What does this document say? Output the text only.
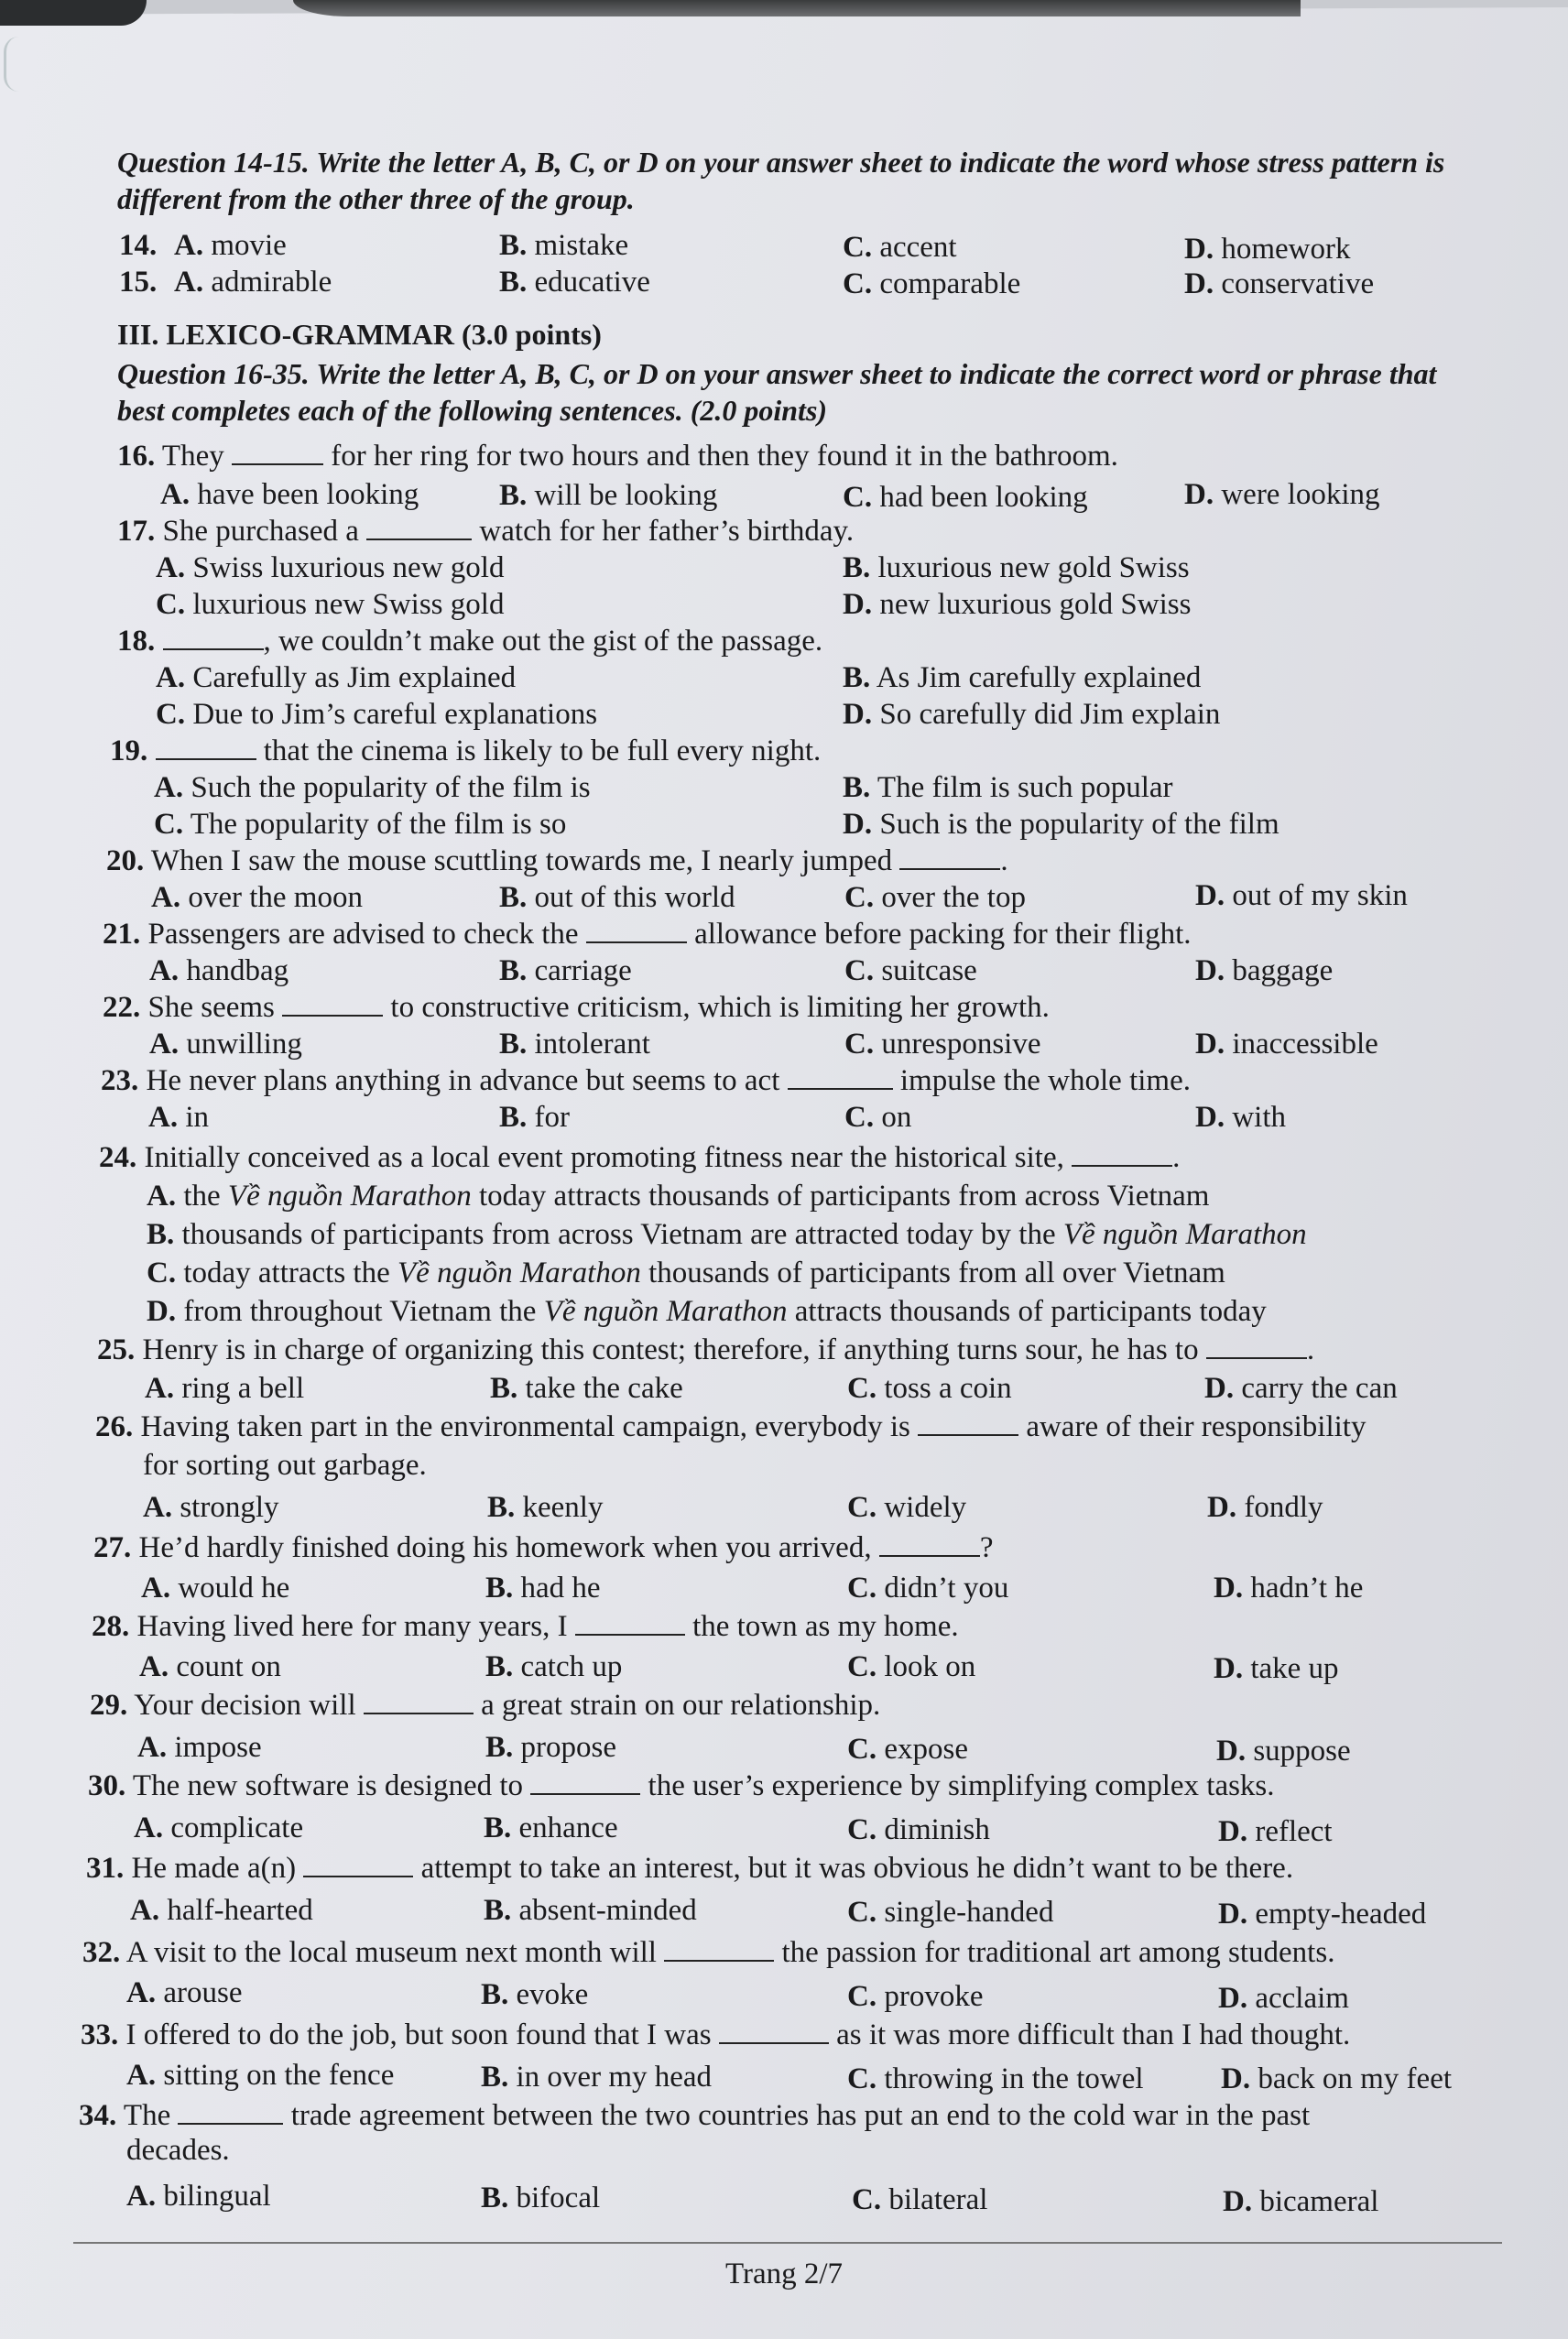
Question 14-15. Write the letter A, B, C, or D on your answer sheet to indicate the word whose stress pattern is different from the other three of the group.
III. LEXICO-GRAMMAR (3.0 points)
Question 16-35. Write the letter A, B, C, or D on your answer sheet to indicate the correct word or phrase that best completes each of the following sentences. (2.0 points)
14. A. movie	B. mistake	C. accent	D. homework
15. A. admirable	B. educative	C. comparable	D. conservative
16. They	for her ring for two hours and then they found it in the bathroom.
A. have been looking	B. will be looking	C. had been looking	D. were looking
17. She purchased a	watch for her father’s birthday.
A. Swiss luxurious new gold	B. luxurious new gold Swiss
C. luxurious new Swiss gold	D. new luxurious gold Swiss
18.	, we couldn’t make out the gist of the passage.
A. Carefully as Jim explained	B. As Jim carefully explained
C. Due to Jim’s careful explanations	D. So carefully did Jim explain
19.	that the cinema is likely to be full every night.
A. Such the popularity of the film is	B. The film is such popular
C. The popularity of the film is so	D. Such is the popularity of the film
20. When I saw the mouse scuttling towards me, I nearly jumped	.
A. over the moon	B. out of this world	C. over the top	D. out of my skin
21. Passengers are advised to check the	allowance before packing for their flight.
A. handbag	B. carriage	C. suitcase	D. baggage
22. She seems	to constructive criticism, which is limiting her growth.
A. unwilling	B. intolerant	C. unresponsive	D. inaccessible
23. He never plans anything in advance but seems to act	impulse the whole time.
A. in	B. for	C. on	D. with
24. Initially conceived as a local event promoting fitness near the historical site,	.
A. the Về nguồn Marathon today attracts thousands of participants from across Vietnam
B. thousands of participants from across Vietnam are attracted today by the Về nguồn Marathon
C. today attracts the Về nguồn Marathon thousands of participants from all over Vietnam
D. from throughout Vietnam the Về nguồn Marathon attracts thousands of participants today
25. Henry is in charge of organizing this contest; therefore, if anything turns sour, he has to	.
A. ring a bell	B. take the cake	C. toss a coin	D. carry the can
26. Having taken part in the environmental campaign, everybody is	aware of their responsibility
for sorting out garbage.
A. strongly	B. keenly	C. widely	D. fondly
27. He’d hardly finished doing his homework when you arrived,	?
A. would he	B. had he	C. didn’t you	D. hadn’t he
28. Having lived here for many years, I	the town as my home.
A. count on	B. catch up	C. look on	D. take up
29. Your decision will	a great strain on our relationship.
A. impose	B. propose	C. expose	D. suppose
30. The new software is designed to	the user’s experience by simplifying complex tasks.
A. complicate	B. enhance	C. diminish	D. reflect
31. He made a(n)	attempt to take an interest, but it was obvious he didn’t want to be there.
A. half-hearted	B. absent-minded	C. single-handed	D. empty-headed
32. A visit to the local museum next month will	the passion for traditional art among students.
A. arouse	B. evoke	C. provoke	D. acclaim
33. I offered to do the job, but soon found that I was	as it was more difficult than I had thought.
A. sitting on the fence	B. in over my head	C. throwing in the towel	D. back on my feet
34. The	trade agreement between the two countries has put an end to the cold war in the past
decades.
A. bilingual	B. bifocal	C. bilateral	D. bicameral
Trang 2/7
